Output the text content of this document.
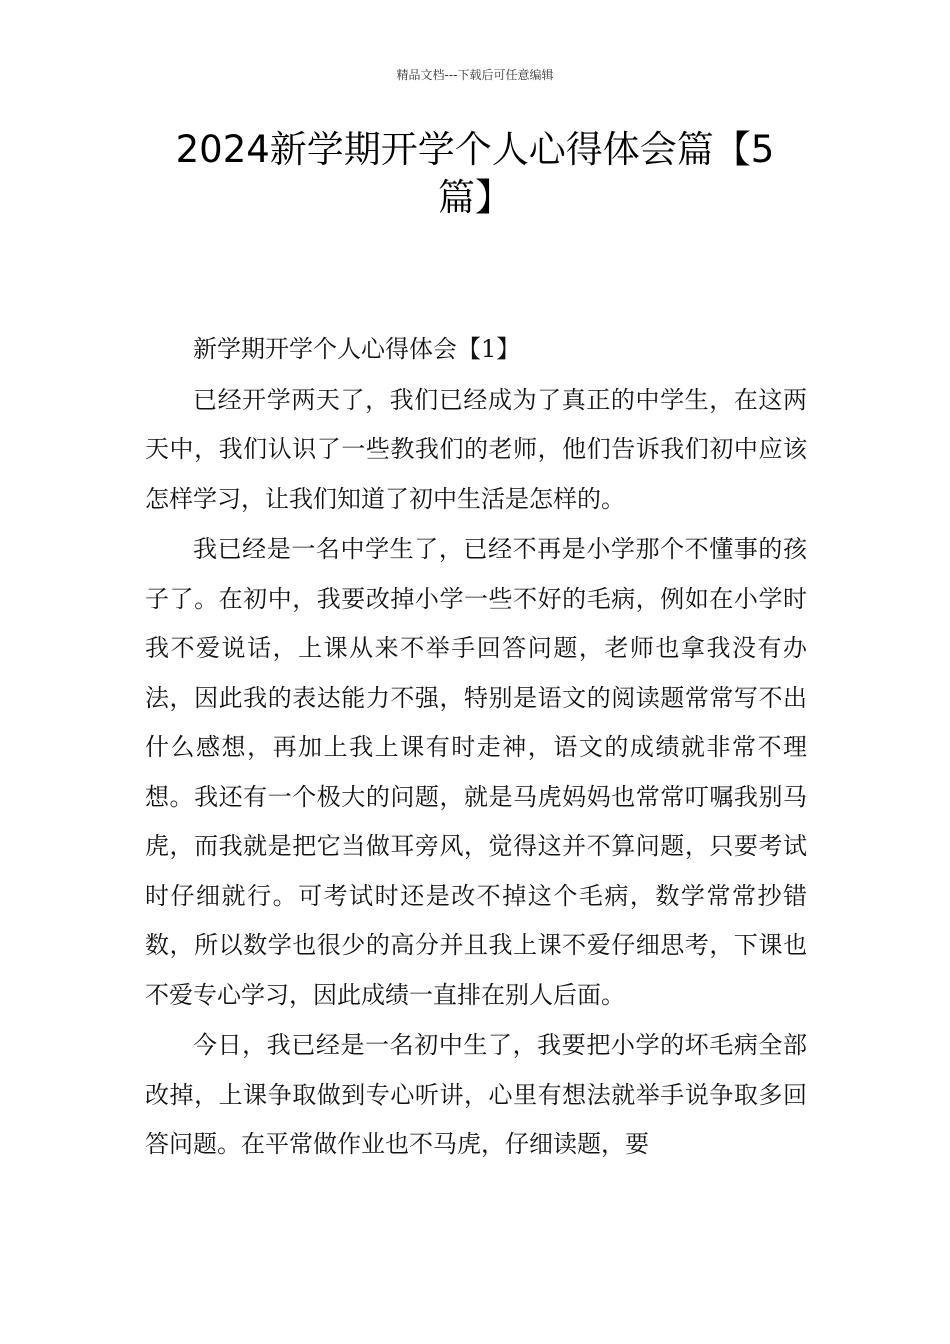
精品文档---下载后可任意编辑
2024新学期开学个人心得体会篇【5篇】

新学期开学个人心得体会【1】

已经开学两天了，我们已经成为了真正的中学生，在这两天中，我们认识了一些教我们的老师，他们告诉我们初中应该怎样学习，让我们知道了初中生活是怎样的。

我已经是一名中学生了，已经不再是小学那个不懂事的孩子了。在初中，我要改掉小学一些不好的毛病，例如在小学时我不爱说话，上课从来不举手回答问题，老师也拿我没有办法，因此我的表达能力不强，特别是语文的阅读题常常写不出什么感想，再加上我上课有时走神，语文的成绩就非常不理想。我还有一个极大的问题，就是马虎妈妈也常常叮嘱我别马虎，而我就是把它当做耳旁风，觉得这并不算问题，只要考试时仔细就行。可考试时还是改不掉这个毛病，数学常常抄错数，所以数学也很少的高分并且我上课不爱仔细思考，下课也不爱专心学习，因此成绩一直排在别人后面。

今日，我已经是一名初中生了，我要把小学的坏毛病全部改掉，上课争取做到专心听讲，心里有想法就举手说争取多回答问题。在平常做作业也不马虎，仔细读题，要
